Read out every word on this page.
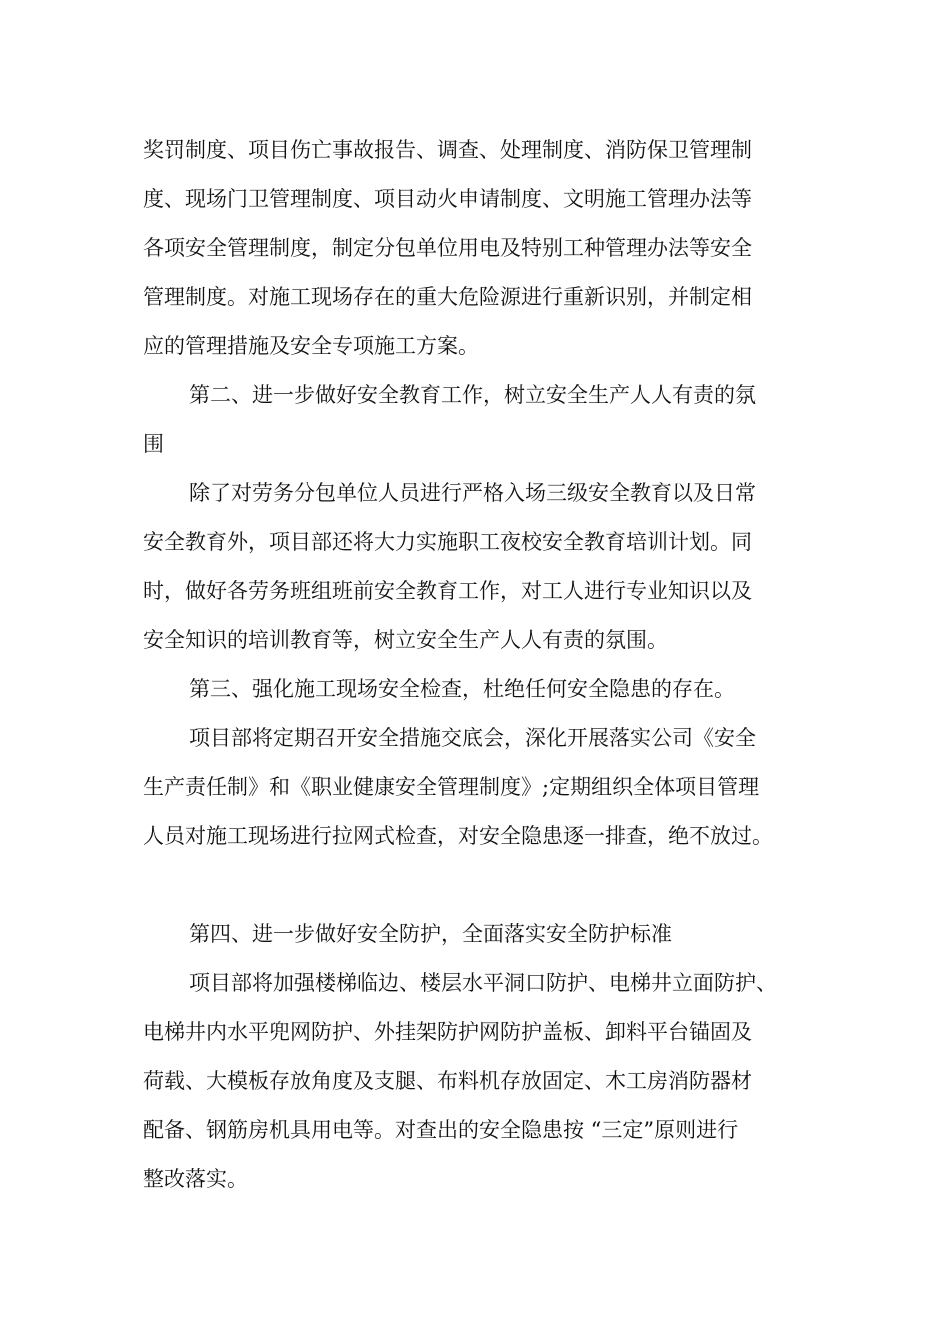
奖罚制度、项目伤亡事故报告、调查、处理制度、消防保卫管理制
度、现场门卫管理制度、项目动火申请制度、文明施工管理办法等
各项安全管理制度，制定分包单位用电及特别工种管理办法等安全
管理制度。对施工现场存在的重大危险源进行重新识别，并制定相
应的管理措施及安全专项施工方案。
第二、进一步做好安全教育工作，树立安全生产人人有责的氛
围
除了对劳务分包单位人员进行严格入场三级安全教育以及日常
安全教育外，项目部还将大力实施职工夜校安全教育培训计划。同
时，做好各劳务班组班前安全教育工作，对工人进行专业知识以及
安全知识的培训教育等，树立安全生产人人有责的氛围。
第三、强化施工现场安全检查，杜绝任何安全隐患的存在。
项目部将定期召开安全措施交底会，深化开展落实公司《安全
生产责任制》和《职业健康安全管理制度》;定期组织全体项目管理
人员对施工现场进行拉网式检查，对安全隐患逐一排查，绝不放过。
第四、进一步做好安全防护，全面落实安全防护标准
项目部将加强楼梯临边、楼层水平洞口防护、电梯井立面防护、
电梯井内水平兜网防护、外挂架防护网防护盖板、卸料平台锚固及
荷载、大模板存放角度及支腿、布料机存放固定、木工房消防器材
配备、钢筋房机具用电等。对查出的安全隐患按 “三定”原则进行
整改落实。
